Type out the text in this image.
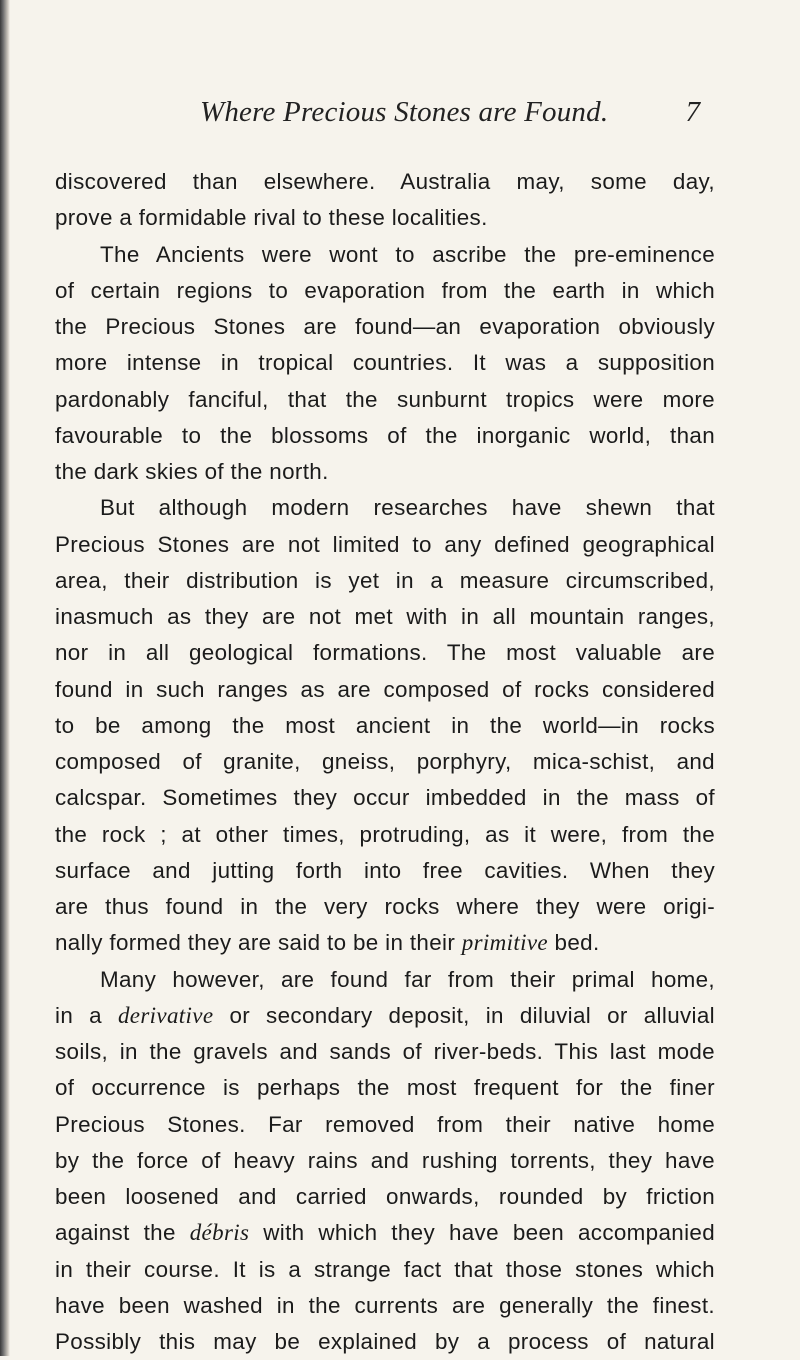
Where Precious Stones are Found.	7
discovered than elsewhere. Australia may, some day,
prove a formidable rival to these localities.
The Ancients were wont to ascribe the pre-eminence
of certain regions to evaporation from the earth in which
the Precious Stones are found—an evaporation obviously
more intense in tropical countries. It was a supposition
pardonably fanciful, that the sunburnt tropics were more
favourable to the blossoms of the inorganic world, than
the dark skies of the north.
But although modern researches have shewn that
Precious Stones are not limited to any defined geographical
area, their distribution is yet in a measure circumscribed,
inasmuch as they are not met with in all mountain ranges,
nor in all geological formations. The most valuable are
found in such ranges as are composed of rocks considered
to be among the most ancient in the world—in rocks
composed of granite, gneiss, porphyry, mica-schist, and
calcspar. Sometimes they occur imbedded in the mass of
the rock ; at other times, protruding, as it were, from the
surface and jutting forth into free cavities. When they
are thus found in the very rocks where they were origi-
nally formed they are said to be in their primitive bed.
Many however, are found far from their primal home,
in a derivative or secondary deposit, in diluvial or alluvial
soils, in the gravels and sands of river-beds. This last mode
of occurrence is perhaps the most frequent for the finer
Precious Stones. Far removed from their native home
by the force of heavy rains and rushing torrents, they have
been loosened and carried onwards, rounded by friction
against the débris with which they have been accompanied
in their course. It is a strange fact that those stones which
have been washed in the currents are generally the finest.
Possibly this may be explained by a process of natural
